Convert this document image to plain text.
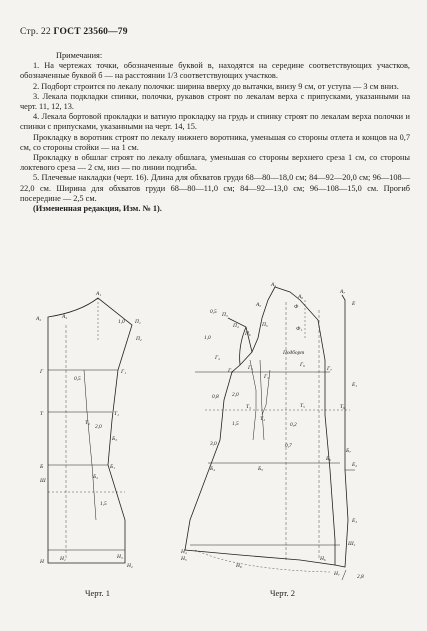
Стр. 22 ГОСТ 23560—79

Примечания:

1. На чертежах точки, обозначенные буквой в, находятся на середине соответствующих участков, обозначенные буквой б — на расстоянии 1/3 соответствующих участков.

2. Подборт строится по лекалу полочки: ширина вверху до вытачки, внизу 9 см, от уступа — 3 см вниз.

3. Лекала подкладки спинки, полочки, рукавов строят по лекалам верха с припусками, указанными на черт. 11, 12, 13.

4. Лекала бортовой прокладки и ватную прокладку на грудь и спинку строят по лекалам верха полочки и спинки с припусками, указанными на черт. 14, 15.

Прокладку в воротник строят по лекалу нижнего воротника, уменьшая со стороны отлета и концов на 0,7 см, со стороны стойки — на 1 см.

Прокладку в обшлаг строят по лекалу обшлага, уменьшая со стороны верхнего среза 1 см, со стороны локтевого среза — 2 см, низ — по линии подгиба.

5. Плечевые накладки (черт. 16). Длина для обхватов груди 68—80—18,0 см; 84—92—20,0 см; 96—108—22,0 см. Ширина для обхватов груди 68—80—11,0 см; 84—92—13,0 см; 96—108—15,0 см. Прогиб посередине — 2,5 см.

(Измененная редакция, Изм. № 1).

А₁
А₂	А₃
П₁
П₂
Г	Г₁
Т	Т₁
Т₂
Б	Б₁
Б₂
Б₃
Ш
Н	Н₁
Н₂
Н₃
1,0
2,0
1,5
0,5
А₄
А₅
А₆
А₇
П₃
П₄	П₅
П₆
Г₂
Г₃	Г₄
Г₅
Г₆
Г₇
Т₃
Т₄
Т₅	Т₆
Б₄	Б₅
Б₆
Б₇
Н₄
Н₅	Н₆
Н₇
Н₈
Е
Е₁
Е₂
Е₃
Ф
Ф₁
Ш₁
Подборт
1,0
0,5
2,0
3,0
1,5
0,8
0,2
0,7
2,8
Черт. 1	Черт. 2
